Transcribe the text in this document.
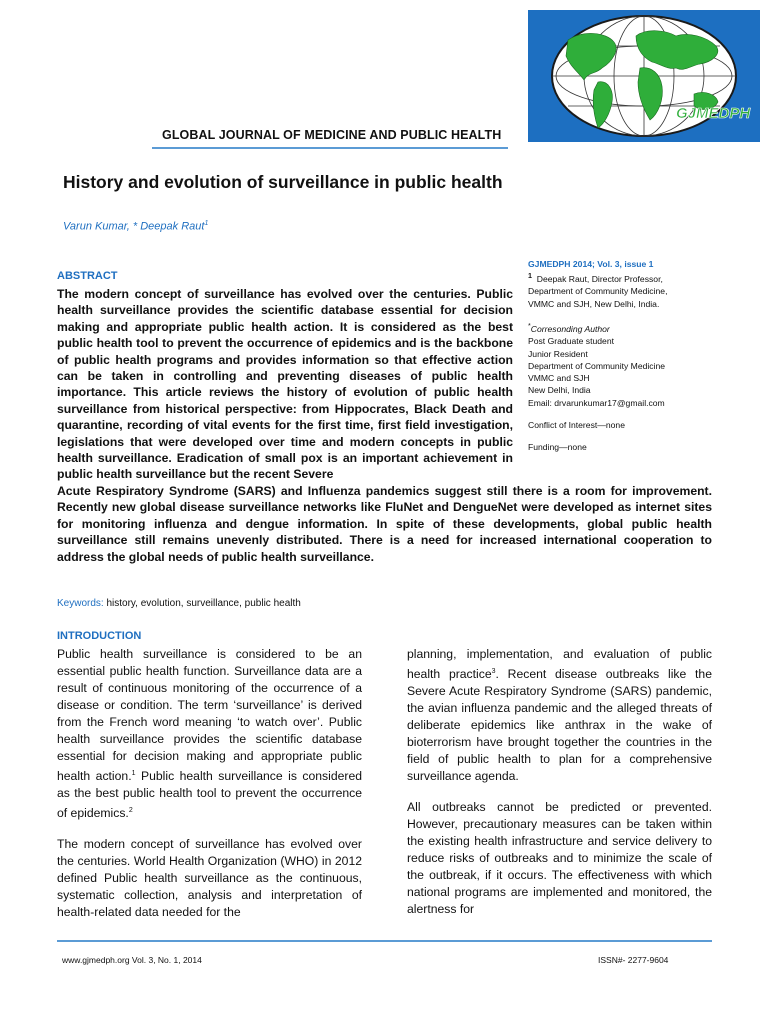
GJMEDPH
GLOBAL JOURNAL OF MEDICINE AND PUBLIC HEALTH
History and evolution of surveillance in public health
Varun Kumar, * Deepak Raut$^1$
ABSTRACT
The modern concept of surveillance has evolved over the centuries. Public health surveillance provides the scientific database essential for decision making and appropriate public health action. It is considered as the best public health tool to prevent the occurrence of epidemics and is the backbone of public health programs and provides information so that effective action can be taken in controlling and preventing diseases of public health importance. This article reviews the history of evolution of public health surveillance from historical perspective: from Hippocrates, Black Death and quarantine, recording of vital events for the first time, first field investigation, legislations that were developed over time and modern concepts in public health surveillance. Eradication of small pox is an important achievement in public health surveillance but the recent Severe
Acute Respiratory Syndrome (SARS) and Influenza pandemics suggest still there is a room for improvement. Recently new global disease surveillance networks like FluNet and DengueNet were developed as internet sites for monitoring influenza and dengue information. In spite of these developments, global public health surveillance still remains unevenly distributed. There is a need for increased international cooperation to address the global needs of public health surveillance.
GJMEDPH 2014; Vol. 3, issue 1
$^1$ Deepak Raut, Director Professor,
Department of Community Medicine,
VMMC and SJH, New Delhi, India.
*Corresonding Author
Post Graduate student
Junior Resident
Department of Community Medicine
VMMC and SJH
New Delhi, India
Email: drvarunkumar17@gmail.com
Conflict of Interest—none
Funding—none
Keywords: history, evolution, surveillance, public health
INTRODUCTION

Public health surveillance is considered to be an essential public health function. Surveillance data are a result of continuous monitoring of the occurrence of a disease or condition. The term ‘surveillance’ is derived from the French word meaning ‘to watch over’. Public health surveillance provides the scientific database essential for decision making and appropriate public health action.$^1$ Public health surveillance is considered as the best public health tool to prevent the occurrence of epidemics.$^2$

The modern concept of surveillance has evolved over the centuries. World Health Organization (WHO) in 2012 defined Public health surveillance as the continuous, systematic collection, analysis and interpretation of health-related data needed for the

planning, implementation, and evaluation of public health practice$^3$. Recent disease outbreaks like the Severe Acute Respiratory Syndrome (SARS) pandemic, the avian influenza pandemic and the alleged threats of deliberate epidemics like anthrax in the wake of bioterrorism have brought together the countries in the field of public health to plan for a comprehensive surveillance agenda.

All outbreaks cannot be predicted or prevented. However, precautionary measures can be taken within the existing health infrastructure and service delivery to reduce risks of outbreaks and to minimize the scale of the outbreak, if it occurs. The effectiveness with which national programs are implemented and monitored, the alertness for

www.gjmedph.org Vol. 3, No. 1, 2014	ISSN#- 2277-9604
